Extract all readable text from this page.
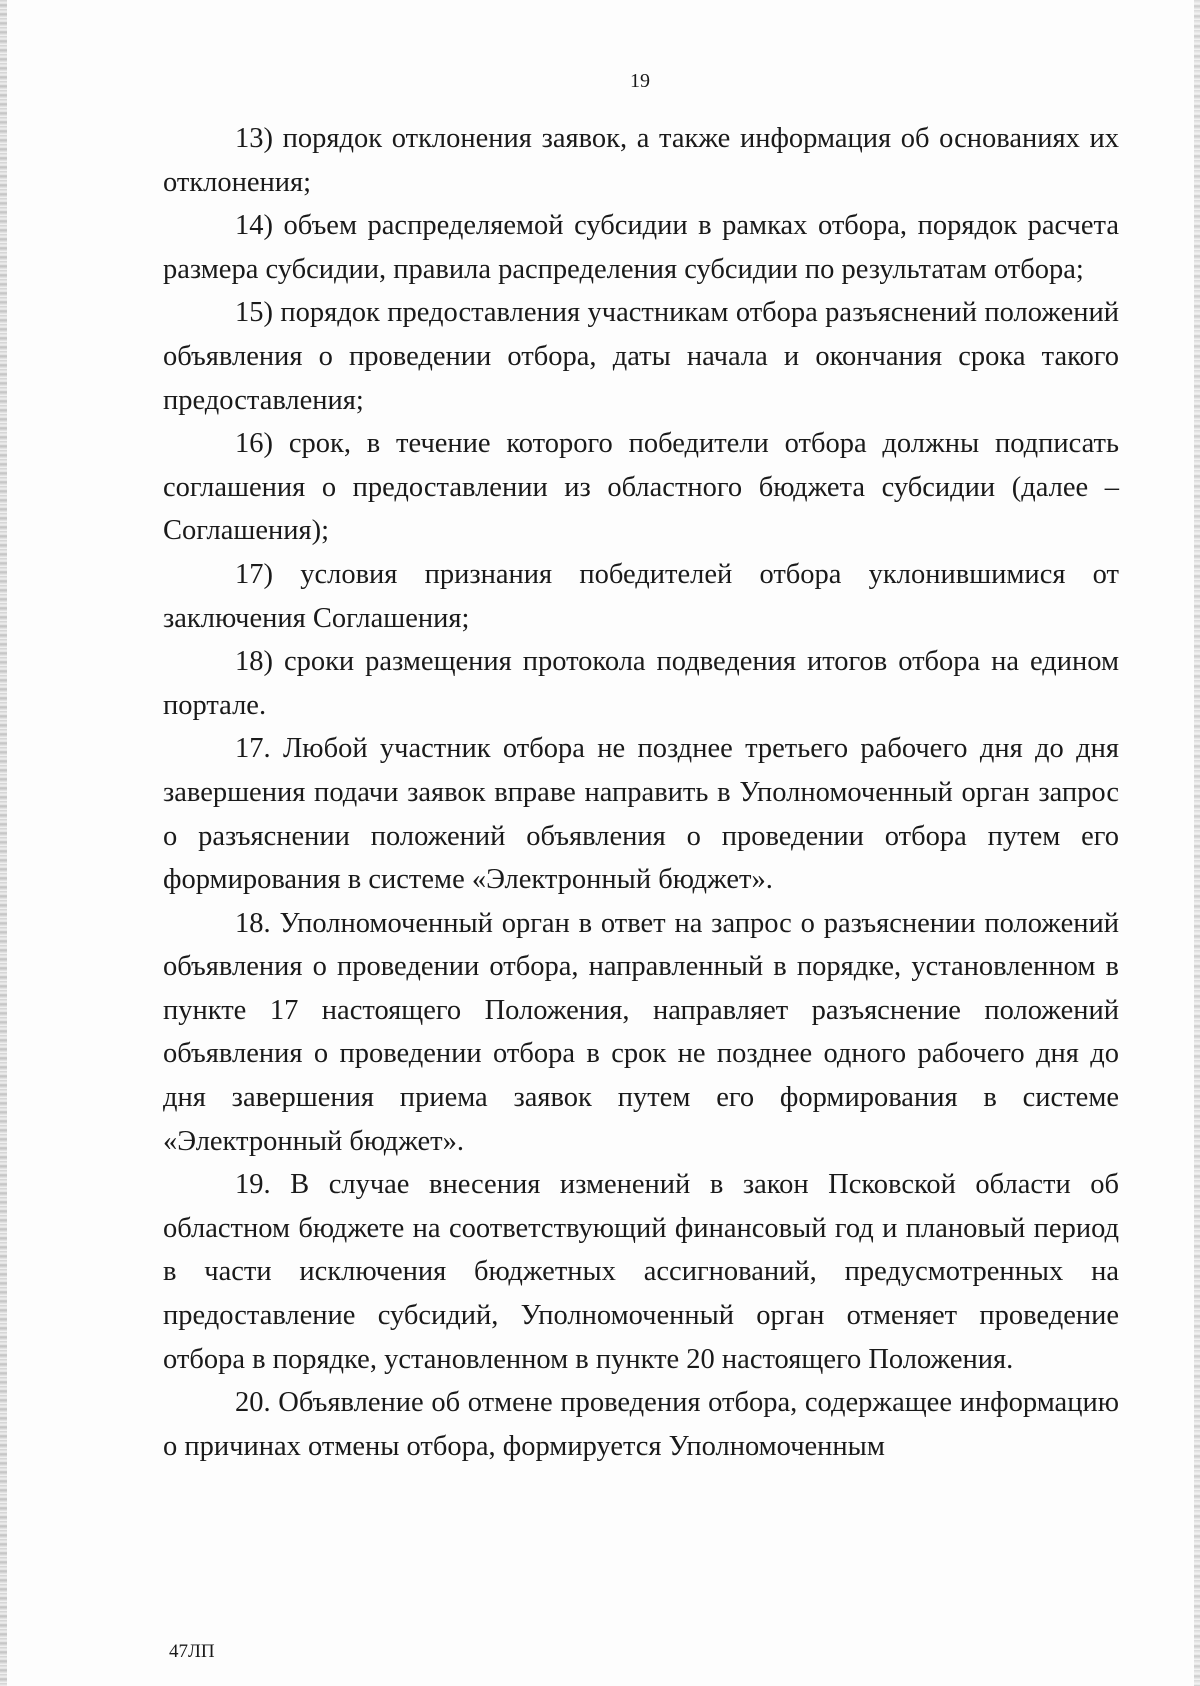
19

13) порядок отклонения заявок, а также информация об основаниях их отклонения;

14) объем распределяемой субсидии в рамках отбора, порядок расчета размера субсидии, правила распределения субсидии по результатам отбора;

15) порядок предоставления участникам отбора разъяснений положений объявления о проведении отбора, даты начала и окончания срока такого предоставления;

16) срок, в течение которого победители отбора должны подписать соглашения о предоставлении из областного бюджета субсидии (далее – Соглашения);

17) условия признания победителей отбора уклонившимися от заключения Соглашения;

18) сроки размещения протокола подведения итогов отбора на едином портале.

17. Любой участник отбора не позднее третьего рабочего дня до дня завершения подачи заявок вправе направить в Уполномоченный орган запрос о разъяснении положений объявления о проведении отбора путем его формирования в системе «Электронный бюджет».

18. Уполномоченный орган в ответ на запрос о разъяснении положений объявления о проведении отбора, направленный в порядке, установленном в пункте 17 настоящего Положения, направляет разъяснение положений объявления о проведении отбора в срок не позднее одного рабочего дня до дня завершения приема заявок путем его формирования в системе «Электронный бюджет».

19. В случае внесения изменений в закон Псковской области об областном бюджете на соответствующий финансовый год и плановый период в части исключения бюджетных ассигнований, предусмотренных на предоставление субсидий, Уполномоченный орган отменяет проведение отбора в порядке, установленном в пункте 20 настоящего Положения.

20. Объявление об отмене проведения отбора, содержащее информацию о причинах отмены отбора, формируется Уполномоченным

47ЛП
